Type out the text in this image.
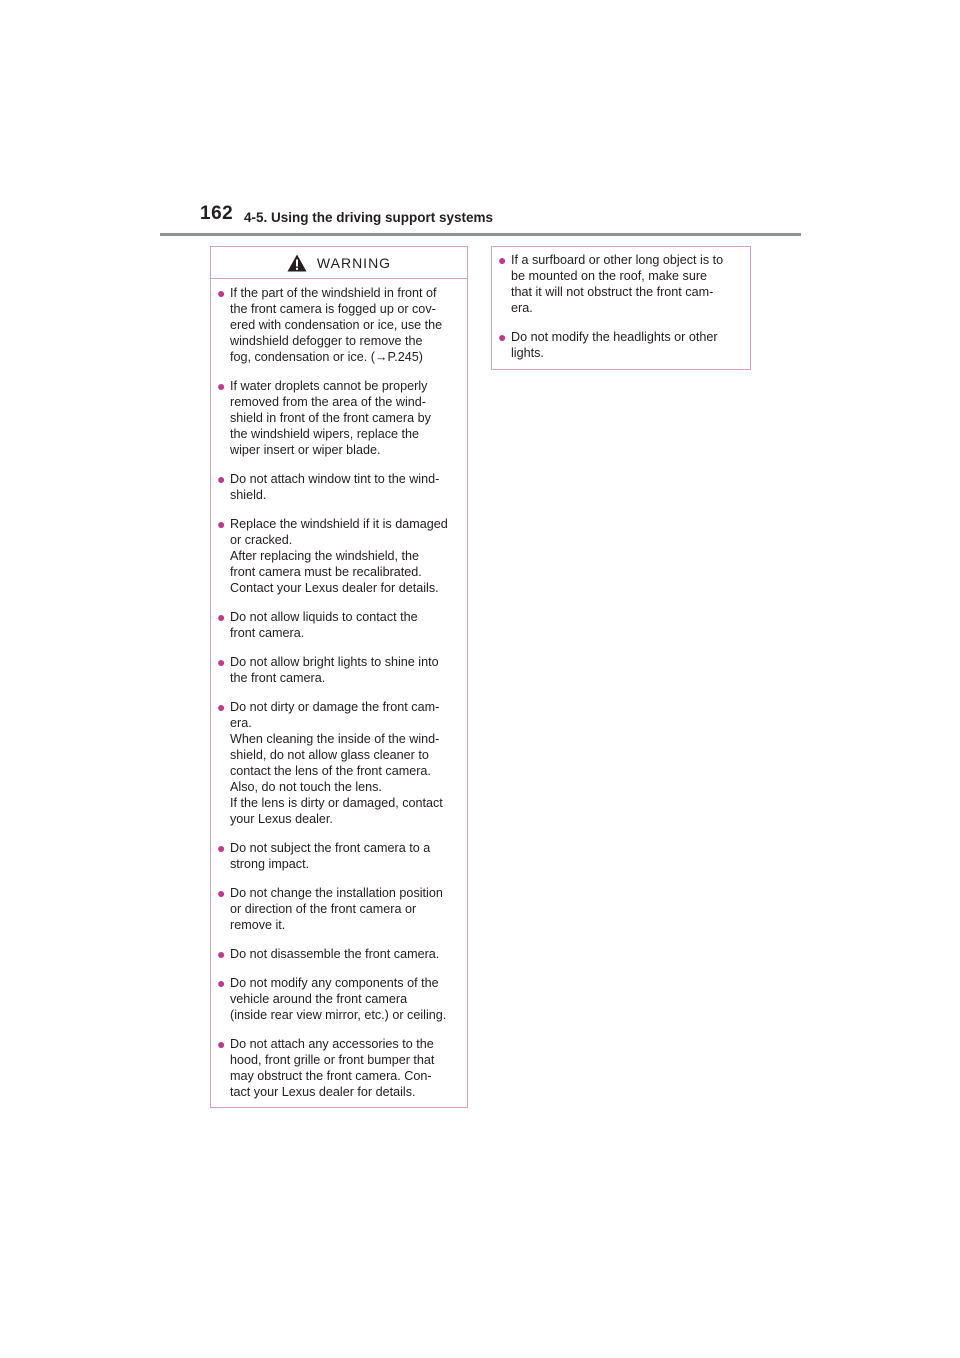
162 4-5. Using the driving support systems
WARNING
● If the part of the windshield in front of
the front camera is fogged up or cov-
ered with condensation or ice, use the
windshield defogger to remove the
fog, condensation or ice. (→P.245)
● If water droplets cannot be properly
removed from the area of the wind-
shield in front of the front camera by
the windshield wipers, replace the
wiper insert or wiper blade.
● Do not attach window tint to the wind-
shield.
● Replace the windshield if it is damaged
or cracked.
After replacing the windshield, the
front camera must be recalibrated.
Contact your Lexus dealer for details.
● Do not allow liquids to contact the
front camera.
● Do not allow bright lights to shine into
the front camera.
● Do not dirty or damage the front cam-
era.
When cleaning the inside of the wind-
shield, do not allow glass cleaner to
contact the lens of the front camera.
Also, do not touch the lens.
If the lens is dirty or damaged, contact
your Lexus dealer.
● Do not subject the front camera to a
strong impact.
● Do not change the installation position
or direction of the front camera or
remove it.
● Do not disassemble the front camera.
● Do not modify any components of the
vehicle around the front camera
(inside rear view mirror, etc.) or ceiling.
● Do not attach any accessories to the
hood, front grille or front bumper that
may obstruct the front camera. Con-
tact your Lexus dealer for details.
● If a surfboard or other long object is to
be mounted on the roof, make sure
that it will not obstruct the front cam-
era.
● Do not modify the headlights or other
lights.
